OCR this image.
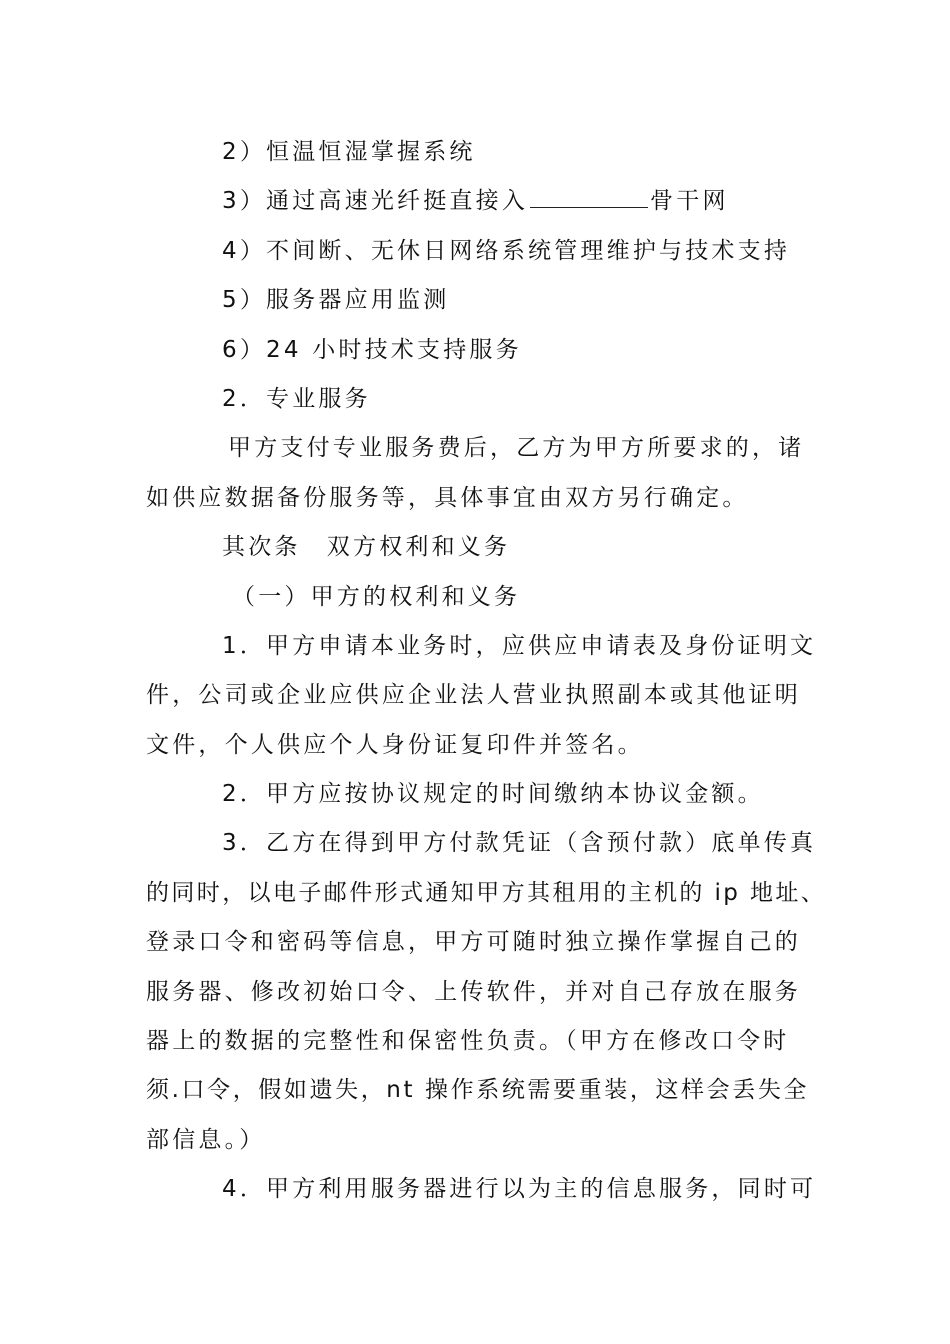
2）恒温恒湿掌握系统
3）通过高速光纤挺直接入	骨干网
4）不间断、无休日网络系统管理维护与技术支持
5）服务器应用监测
6）24 小时技术支持服务
2．专业服务
甲方支付专业服务费后，乙方为甲方所要求的，诸
如供应数据备份服务等，具体事宜由双方另行确定。
其次条　双方权利和义务
（一）甲方的权利和义务
1．甲方申请本业务时，应供应申请表及身份证明文
件，公司或企业应供应企业法人营业执照副本或其他证明
文件，个人供应个人身份证复印件并签名。
2．甲方应按协议规定的时间缴纳本协议金额。
3．乙方在得到甲方付款凭证（含预付款）底单传真
的同时，以电子邮件形式通知甲方其租用的主机的 ip 地址、
登录口令和密码等信息，甲方可随时独立操作掌握自己的
服务器、修改初始口令、上传软件，并对自己存放在服务
器上的数据的完整性和保密性负责。（甲方在修改口令时
须.口令，假如遗失，nt 操作系统需要重装，这样会丢失全
部信息。）
4．甲方利用服务器进行以为主的信息服务，同时可
